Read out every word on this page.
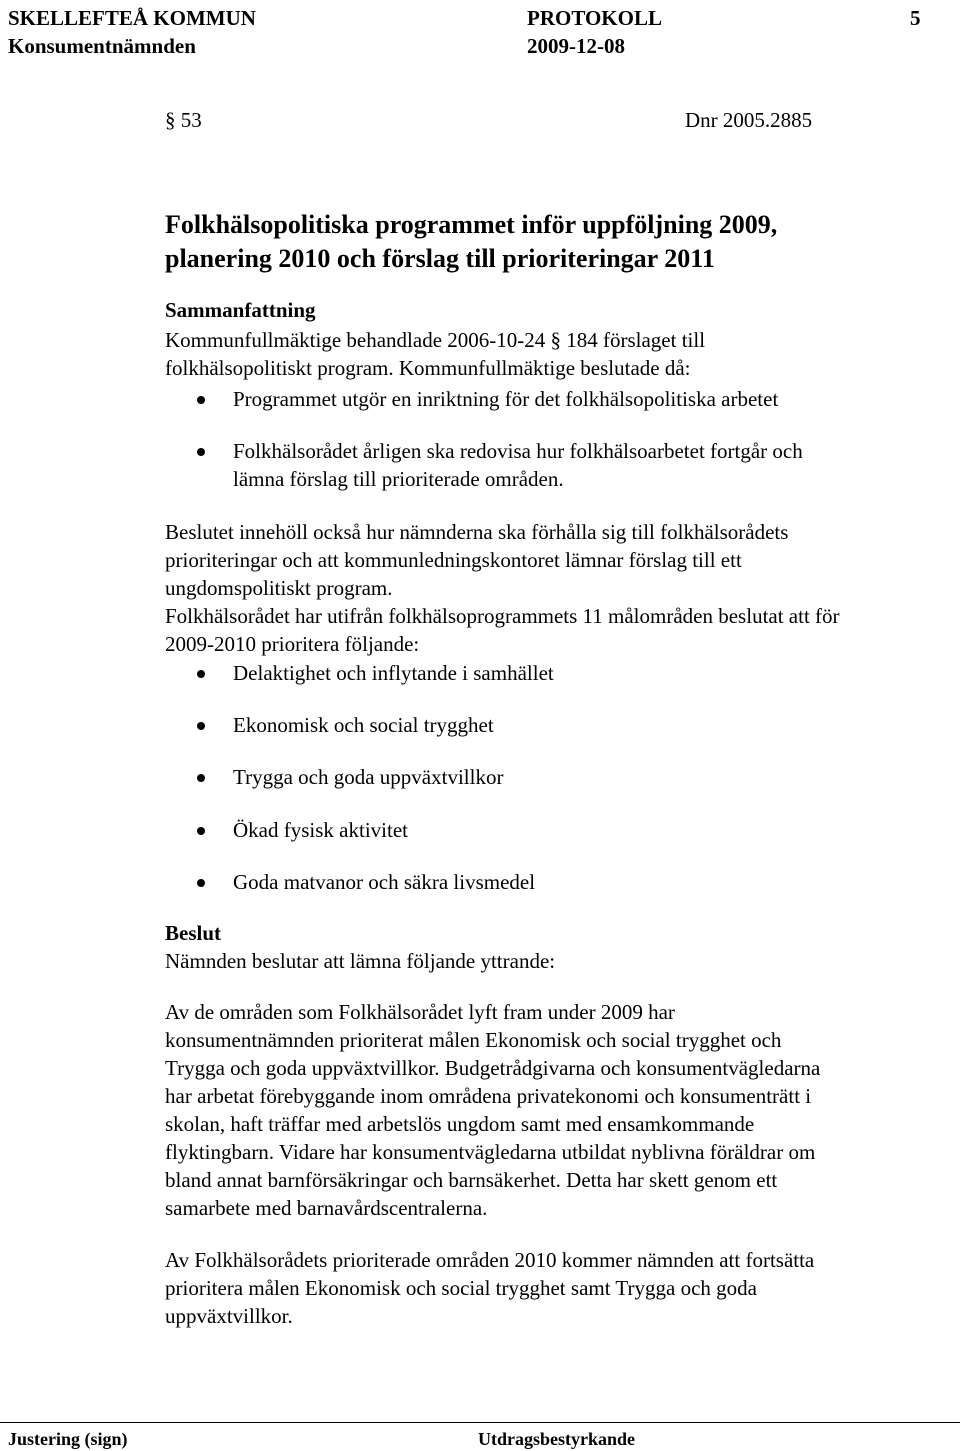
SKELLEFTEÅ KOMMUN	PROTOKOLL	5
Konsumentnämnden	2009-12-08
§ 53	Dnr 2005.2885
Folkhälsopolitiska programmet inför uppföljning 2009,
planering 2010 och förslag till prioriteringar 2011
Sammanfattning
Kommunfullmäktige behandlade 2006-10-24 § 184 förslaget till
folkhälsopolitiskt program. Kommunfullmäktige beslutade då:
Programmet utgör en inriktning för det folkhälsopolitiska arbetet
Folkhälsorådet årligen ska redovisa hur folkhälsoarbetet fortgår och
lämna förslag till prioriterade områden.
Beslutet innehöll också hur nämnderna ska förhålla sig till folkhälsorådets
prioriteringar och att kommunledningskontoret lämnar förslag till ett
ungdomspolitiskt program.
Folkhälsorådet har utifrån folkhälsoprogrammets 11 målområden beslutat att för
2009-2010 prioritera följande:
Delaktighet och inflytande i samhället
Ekonomisk och social trygghet
Trygga och goda uppväxtvillkor
Ökad fysisk aktivitet
Goda matvanor och säkra livsmedel
Beslut
Nämnden beslutar att lämna följande yttrande:
Av de områden som Folkhälsorådet lyft fram under 2009 har
konsumentnämnden prioriterat målen Ekonomisk och social trygghet och
Trygga och goda uppväxtvillkor. Budgetrådgivarna och konsumentvägledarna
har arbetat förebyggande inom områdena privatekonomi och konsumenträtt i
skolan, haft träffar med arbetslös ungdom samt med ensamkommande
flyktingbarn. Vidare har konsumentvägledarna utbildat nyblivna föräldrar om
bland annat barnförsäkringar och barnsäkerhet. Detta har skett genom ett
samarbete med barnavårdscentralerna.
Av Folkhälsorådets prioriterade områden 2010 kommer nämnden att fortsätta
prioritera målen Ekonomisk och social trygghet samt Trygga och goda
uppväxtvillkor.
Justering (sign)	Utdragsbestyrkande
